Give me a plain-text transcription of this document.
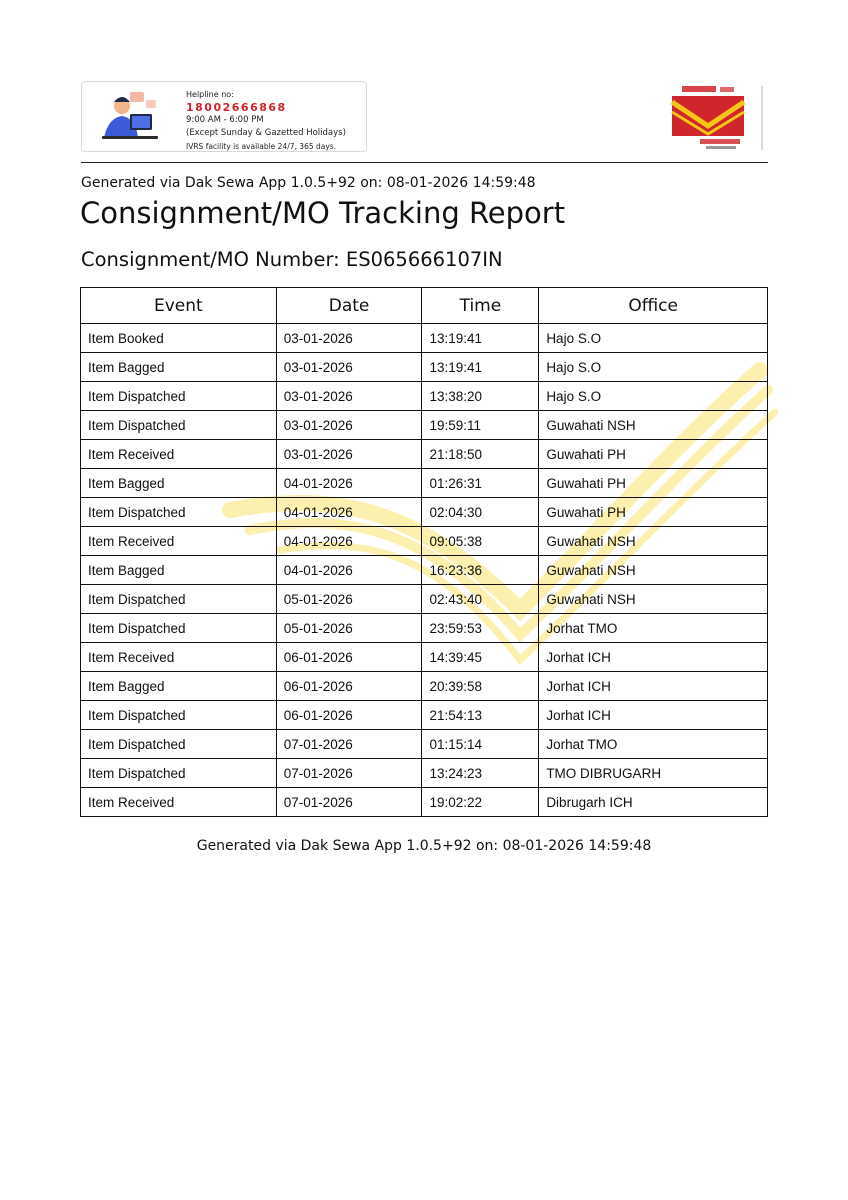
Helpline no:
18002666868
9:00 AM - 6:00 PM
(Except Sunday & Gazetted Holidays)
IVRS facility is available 24/7, 365 days.
Generated via Dak Sewa App 1.0.5+92 on: 08-01-2026 14:59:48
Consignment/MO Tracking Report
Consignment/MO Number: ES065666107IN
Event	Date	Time	Office
Item Booked	03-01-2026	13:19:41	Hajo S.O
Item Bagged	03-01-2026	13:19:41	Hajo S.O
Item Dispatched	03-01-2026	13:38:20	Hajo S.O
Item Dispatched	03-01-2026	19:59:11	Guwahati NSH
Item Received	03-01-2026	21:18:50	Guwahati PH
Item Bagged	04-01-2026	01:26:31	Guwahati PH
Item Dispatched	04-01-2026	02:04:30	Guwahati PH
Item Received	04-01-2026	09:05:38	Guwahati NSH
Item Bagged	04-01-2026	16:23:36	Guwahati NSH
Item Dispatched	05-01-2026	02:43:40	Guwahati NSH
Item Dispatched	05-01-2026	23:59:53	Jorhat TMO
Item Received	06-01-2026	14:39:45	Jorhat ICH
Item Bagged	06-01-2026	20:39:58	Jorhat ICH
Item Dispatched	06-01-2026	21:54:13	Jorhat ICH
Item Dispatched	07-01-2026	01:15:14	Jorhat TMO
Item Dispatched	07-01-2026	13:24:23	TMO DIBRUGARH
Item Received	07-01-2026	19:02:22	Dibrugarh ICH
Generated via Dak Sewa App 1.0.5+92 on: 08-01-2026 14:59:48
